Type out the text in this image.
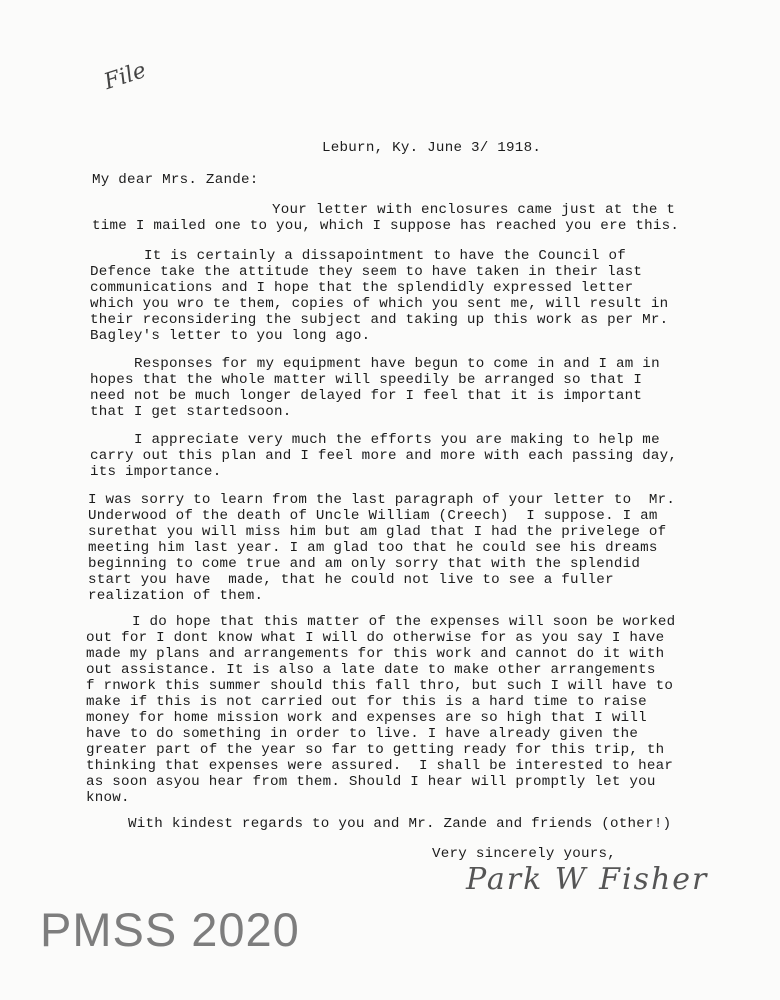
File
Leburn, Ky. June 3/ 1918.
My dear Mrs. Zande:
Your letter with enclosures came just at the t
time I mailed one to you, which I suppose has reached you ere this.
It is certainly a dissapointment to have the Council of
Defence take the attitude they seem to have taken in their last
communications and I hope that the splendidly expressed letter
which you wro te them, copies of which you sent me, will result in
their reconsidering the subject and taking up this work as per Mr.
Bagley's letter to you long ago.
Responses for my equipment have begun to come in and I am in
hopes that the whole matter will speedily be arranged so that I
need not be much longer delayed for I feel that it is important
that I get startedsoon.
I appreciate very much the efforts you are making to help me
carry out this plan and I feel more and more with each passing day,
its importance.
I was sorry to learn from the last paragraph of your letter to  Mr.
Underwood of the death of Uncle William (Creech)  I suppose. I am
surethat you will miss him but am glad that I had the privelege of
meeting him last year. I am glad too that he could see his dreams
beginning to come true and am only sorry that with the splendid
start you have  made, that he could not live to see a fuller
realization of them.
I do hope that this matter of the expenses will soon be worked
out for I dont know what I will do otherwise for as you say I have
made my plans and arrangements for this work and cannot do it with
out assistance. It is also a late date to make other arrangements
f rnwork this summer should this fall thro, but such I will have to
make if this is not carried out for this is a hard time to raise
money for home mission work and expenses are so high that I will
have to do something in order to live. I have already given the
greater part of the year so far to getting ready for this trip, th
thinking that expenses were assured.  I shall be interested to hear
as soon asyou hear from them. Should I hear will promptly let you
know.
With kindest regards to you and Mr. Zande and friends (other!)
Very sincerely yours,
Park W Fisher
PMSS 2020
